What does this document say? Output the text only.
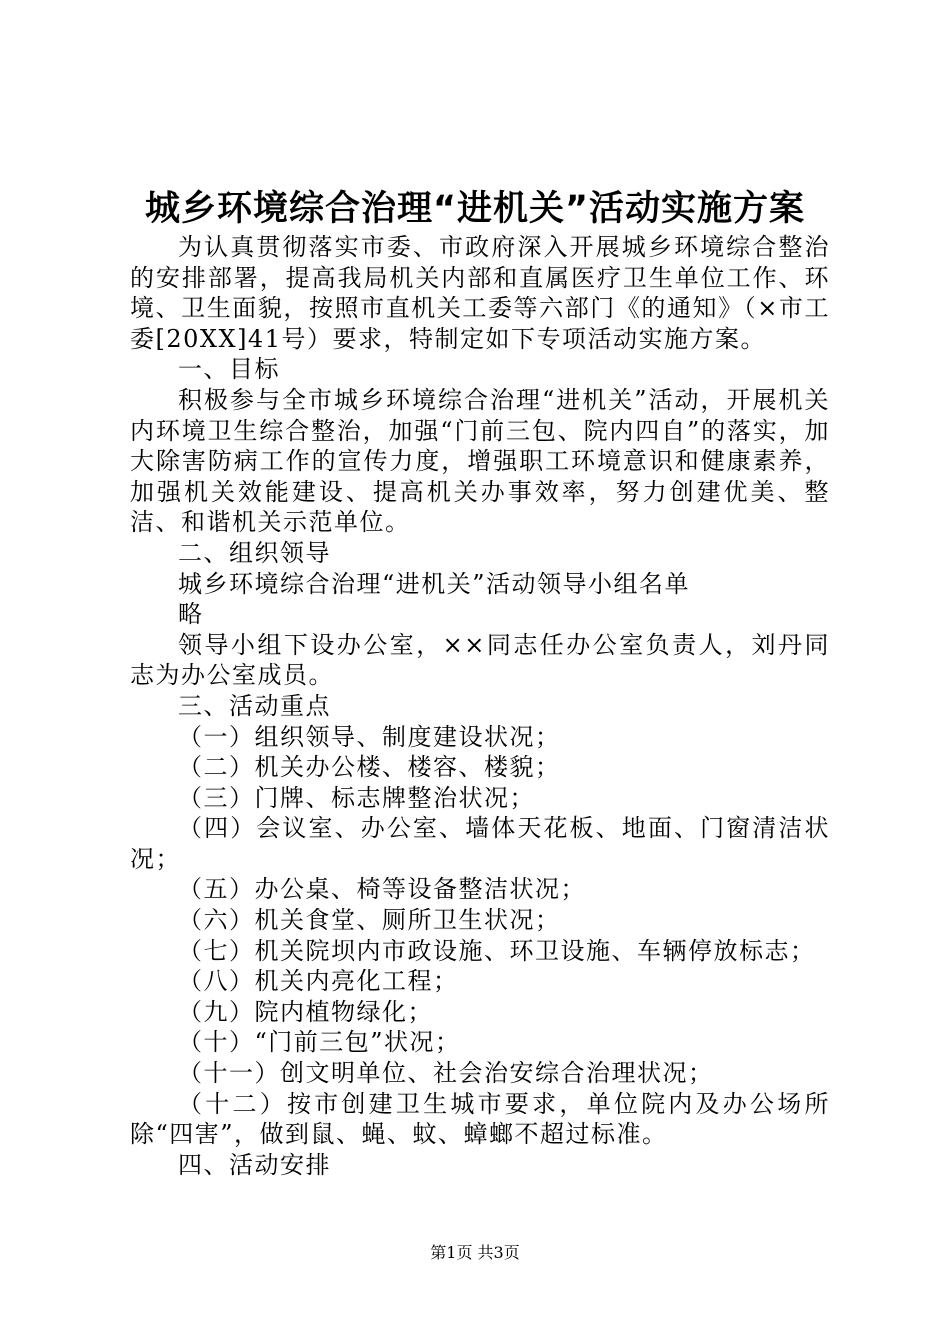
城乡环境综合治理“进机关”活动实施方案

为认真贯彻落实市委、市政府深入开展城乡环境综合整治的安排部署，提高我局机关内部和直属医疗卫生单位工作、环境、卫生面貌，按照市直机关工委等六部门《的通知》（×市工委[20XX]41号）要求，特制定如下专项活动实施方案。

一、目标

积极参与全市城乡环境综合治理“进机关”活动，开展机关内环境卫生综合整治，加强“门前三包、院内四自”的落实，加大除害防病工作的宣传力度，增强职工环境意识和健康素养，加强机关效能建设、提高机关办事效率，努力创建优美、整洁、和谐机关示范单位。

二、组织领导

城乡环境综合治理“进机关”活动领导小组名单

略

领导小组下设办公室，××同志任办公室负责人，刘丹同志为办公室成员。

三、活动重点

（一）组织领导、制度建设状况；

（二）机关办公楼、楼容、楼貌；

（三）门牌、标志牌整治状况；

（四）会议室、办公室、墙体天花板、地面、门窗清洁状况；

（五）办公桌、椅等设备整洁状况；

（六）机关食堂、厕所卫生状况；

（七）机关院坝内市政设施、环卫设施、车辆停放标志；

（八）机关内亮化工程；

（九）院内植物绿化；

（十）“门前三包”状况；

（十一）创文明单位、社会治安综合治理状况；

（十二）按市创建卫生城市要求，单位院内及办公场所除“四害”，做到鼠、蝇、蚊、蟑螂不超过标准。

四、活动安排

第1页 共3页
